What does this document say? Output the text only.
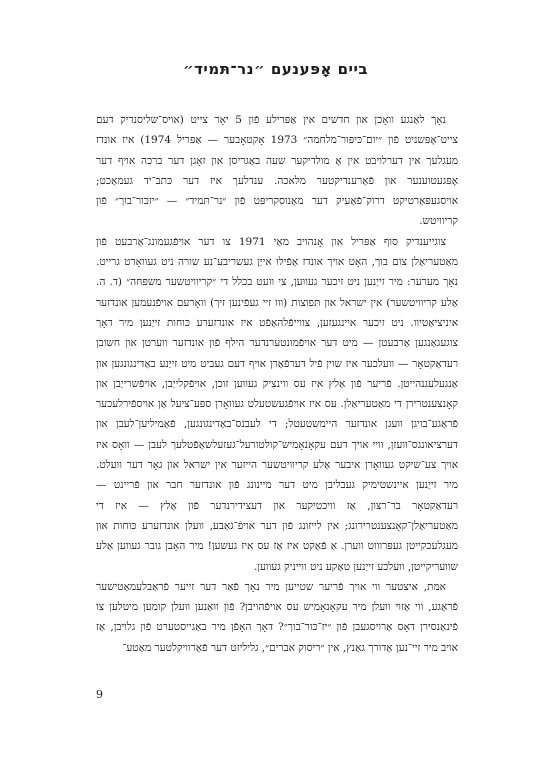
ביים אָפּענעם ״נר־תּמיד״

נאָך לאַנגע וואָכן און חדשים אין אַפּרילע פֿון 5 יאָר צייט (אויס־שליסנדיק דעם צייט־אָפּשניט פֿון ״יום־כּיפּור־מלחמה״ 1973 אָקטאָבער — אַפּריל 1974) איז אונדז מעגלעך אין דערלויבט אין אָ מולדיקער שעה באַגריסן און זאָגן דער ברכה אויף דער אָפּגעטוענער און פֿאַרענדיקטער מלאכה. ענדלעך איז דער כּתב־יד געמאַכט; אויסגעפּאַרטיקט דרוק־פֿאַעיק דער מאַנוסקריפּט פֿון ״נר־תּמיד״ — ״יזכּור־בוך״ פֿון קריוויטש.

צוגייענדיק סוף אַפּריל און אָנהויב מאַי 1971 צו דער אויפֿגעמונג־אַרבעט פֿון מאַטעריאַלן צום בוך, האָט אויך אונדז אַפֿילו אייַן געשריבע־נע שורה ניט געוואָרט גרייט. נאָך מערער: מיר זייַנען ניט זיכער געווען, צי וועט בכלל די ״קריוויטשער משפּחה״ (ד. ה. אַלע קריוויטשער) אין ישראל און תּפוצות (ווו זיי געפֿינען זיך) וואָרעם אויפֿנעמען אונדזער איניציאַטיוו. ניט זיכער איינגעזען, צווייפֿלהאַפֿט איז אונדזערע כּוחות זייַנען מיר דאָך צוגעגאַנגען אַרבעטן — מיט דער אויפֿמונטערנדער הילף פֿון אונדזער ווערטן און חשובן רעדאַקטאָר — וועלכער איז שוין פֿיל דערפֿאַרן אויף דעם געביט מיט זייַנע באַדינגונגען און אַנגעלעגנהייטן. פֿריער פֿון אַלץ איז עס ווינציק געווען זוכן, אויפֿקלייַבן, אויפֿשרייַבן און קאָנצענטרירן די מאַטעריאַלן. עס איז אויפֿגעשטעלט געוואָרן ספּע־ציעל אַן אויספֿירלעכער פֿראַגע־בויגן וועגן אונדזער היימשטעטל; די לעבנס־באַדינגונגען, פֿאַמיליען־לעבן און דערציאונגס־וועזן, וויי אויך דעם עקאָנאָמיש־קולטורעל־געזעלשאַפֿטלעך לעבן — וואָס איז אויך צע־שיקט געוואָרן איבער אַלע קריוויטשער הייזער אין ישראל און גאָר דער וועלט. מיר זייַנען איינשטימיק געבליבן מיט דער מיינונג פֿון אונדזער חבר און פֿריינט — רעדאַקטאָר בר־רצון, אַז וויכטיקער און דעצידירנדער פֿון אַלץ — איז די מאַטעריאַלן־קאָנצענטרירונג; אין לייזונג פֿון דער אויפֿ־גאַבע, וועלן אונדזערע כּוחות און מעגלעכקייטן געפּרוווט ווערן. אַ פֿאַקט איז אַז עס איז געשען! מיר האָבן גובר געווען אַלע שוועריקייטן, וועלכע זייַנען טאַקע ניט ווייניק געווען.

אמת, איצטער ווי אויך פֿריער שטייען מיר נאָך פֿאַר דער זייער פֿראַבלעמאַטישער פֿראַגע, ווי אַזוי וועלן מיר עקאָנאָמיש עס אויפֿהויבן? פֿון וואַנען וועלן קומען מיטלען צו פֿינאַנסירן דאָס אַרויסגעבן פֿון ״יז־כּור־בוך״? דאָך האָפֿן מיר באַגייסטערט פֿון גלויבן, אַז אויב מיר זיי־נען אַדורך גאַנץ, אין ״ריסוק אברים״, גליליזט דער פֿאַרוויקלטער מאַטע־

9
